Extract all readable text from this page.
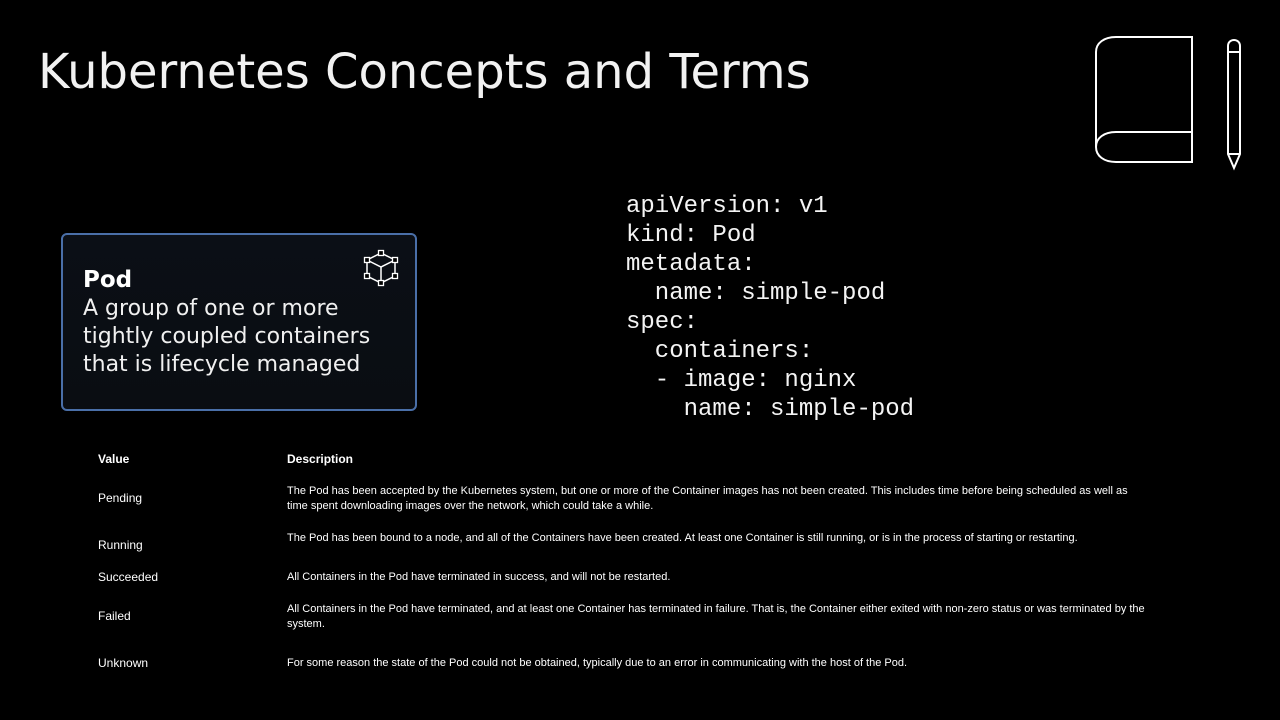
Kubernetes Concepts and Terms
Pod
A group of one or more tightly coupled containers that is lifecycle managed
apiVersion: v1
kind: Pod
metadata:
name: simple-pod
spec:
containers:
- image: nginx
name: simple-pod
Value	Description
Pending	The Pod has been accepted by the Kubernetes system, but one or more of the Container images has not been created. This includes time before being scheduled as well as time spent downloading images over the network, which could take a while.
Running	The Pod has been bound to a node, and all of the Containers have been created. At least one Container is still running, or is in the process of starting or restarting.
Succeeded	All Containers in the Pod have terminated in success, and will not be restarted.
Failed	All Containers in the Pod have terminated, and at least one Container has terminated in failure. That is, the Container either exited with non-zero status or was terminated by the system.
Unknown	For some reason the state of the Pod could not be obtained, typically due to an error in communicating with the host of the Pod.
